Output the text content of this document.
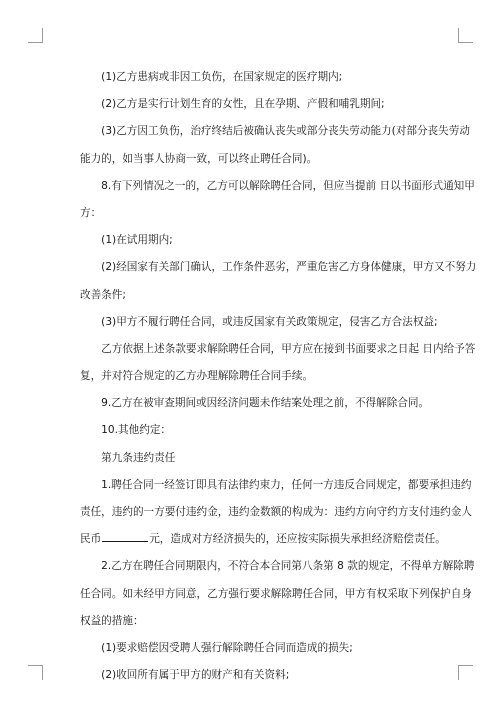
　　(1)乙方患病或非因工负伤，在国家规定的医疗期内;
　　(2)乙方是实行计划生育的女性，且在孕期、产假和哺乳期间;
　　(3)乙方因工负伤，治疗终结后被确认丧失或部分丧失劳动能力(对部分丧失劳动
能力的，如当事人协商一致，可以终止聘任合同)。
　　8.有下列情况之一的，乙方可以解除聘任合同，但应当提前 日以书面形式通知甲
方：
　　(1)在试用期内;
　　(2)经国家有关部门确认，工作条件恶劣，严重危害乙方身体健康，甲方又不努力
改善条件;
　　(3)甲方不履行聘任合同，或违反国家有关政策规定，侵害乙方合法权益;
　　乙方依据上述条款要求解除聘任合同，甲方应在接到书面要求之日起 日内给予答
复，并对符合规定的乙方办理解除聘任合同手续。
　　9.乙方在被审查期间或因经济问题未作结案处理之前，不得解除合同。
　　10.其他约定：
　　第九条违约责任
　　1.聘任合同一经签订即具有法律约束力，任何一方违反合同规定，都要承担违约
责任，违约的一方要付违约金，违约金数额的构成为：违约方向守约方支付违约金人
民币	元，造成对方经济损失的，还应按实际损失承担经济赔偿责任。
　　2.乙方在聘任合同期限内，不符合本合同第八条第 8 款的规定，不得单方解除聘
任合同。如未经甲方同意，乙方强行要求解除聘任合同，甲方有权采取下列保护自身
权益的措施：
　　(1)要求赔偿因受聘人强行解除聘任合同而造成的损失;
　　(2)收回所有属于甲方的财产和有关资料;
